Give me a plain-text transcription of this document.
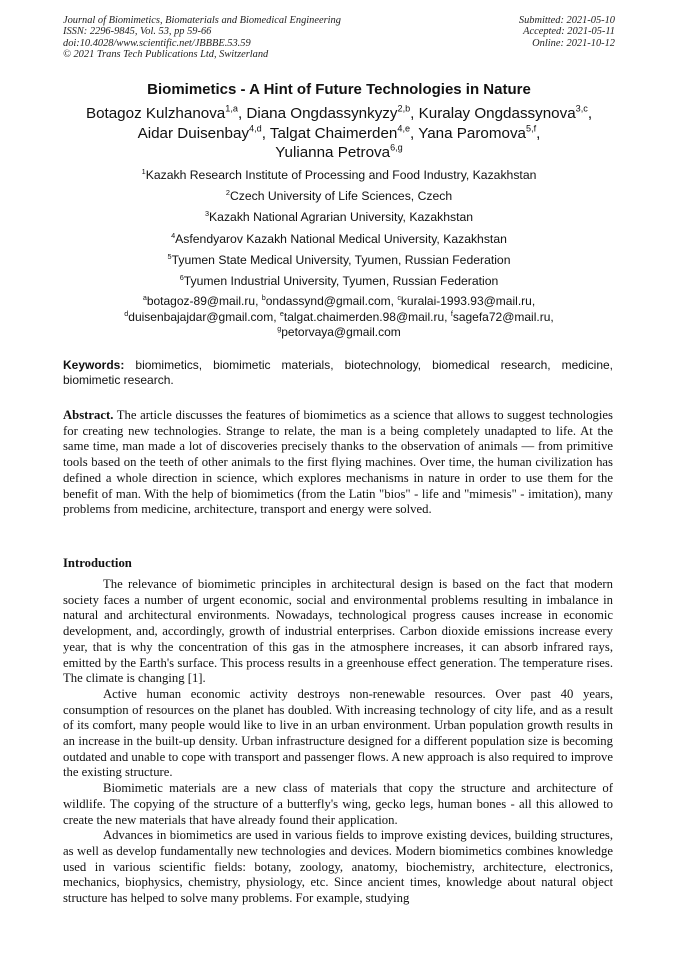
Journal of Biomimetics, Biomaterials and Biomedical Engineering
ISSN: 2296-9845, Vol. 53, pp 59-66
doi:10.4028/www.scientific.net/JBBBE.53.59
© 2021 Trans Tech Publications Ltd, Switzerland
Submitted: 2021-05-10
Accepted: 2021-05-11
Online: 2021-10-12
Biomimetics - A Hint of Future Technologies in Nature
Botagoz Kulzhanova$^{1,a}$, Diana Ongdassynkyzy$^{2,b}$, Kuralay Ongdassynova$^{3,c}$,
Aidar Duisenbay$^{4,d}$, Talgat Chaimerden$^{4,e}$, Yana Paromova$^{5,f}$,
Yulianna Petrova$^{6,g}$
$^1$Kazakh Research Institute of Processing and Food Industry, Kazakhstan
$^2$Czech University of Life Sciences, Czech
$^3$Kazakh National Agrarian University, Kazakhstan
$^4$Asfendyarov Kazakh National Medical University, Kazakhstan
$^5$Tyumen State Medical University, Tyumen, Russian Federation
$^6$Tyumen Industrial University, Tyumen, Russian Federation
$^a$botagoz-89@mail.ru, $^b$ondassynd@gmail.com, $^c$kuralai-1993.93@mail.ru,
$^d$duisenbajajdar@gmail.com, $^e$talgat.chaimerden.98@mail.ru, $^f$sagefa72@mail.ru,
$^g$petorvaya@gmail.com
Keywords: biomimetics, biomimetic materials, biotechnology, biomedical research, medicine, biomimetic research.
Abstract. The article discusses the features of biomimetics as a science that allows to suggest technologies for creating new technologies. Strange to relate, the man is a being completely unadapted to life. At the same time, man made a lot of discoveries precisely thanks to the observation of animals — from primitive tools based on the teeth of other animals to the first flying machines. Over time, the human civilization has defined a whole direction in science, which explores mechanisms in nature in order to use them for the benefit of man. With the help of biomimetics (from the Latin "bios" - life and "mimesis" - imitation), many problems from medicine, architecture, transport and energy were solved.
Introduction

The relevance of biomimetic principles in architectural design is based on the fact that modern society faces a number of urgent economic, social and environmental problems resulting in imbalance in natural and architectural environments. Nowadays, technological progress causes increase in economic development, and, accordingly, growth of industrial enterprises. Carbon dioxide emissions increase every year, that is why the concentration of this gas in the atmosphere increases, it can absorb infrared rays, emitted by the Earth's surface. This process results in a greenhouse effect generation. The temperature rises. The climate is changing [1].

Active human economic activity destroys non-renewable resources. Over past 40 years, consumption of resources on the planet has doubled. With increasing technology of city life, and as a result of its comfort, many people would like to live in an urban environment. Urban population growth results in an increase in the built-up density. Urban infrastructure designed for a different population size is becoming outdated and unable to cope with transport and passenger flows. A new approach is also required to improve the existing structure.

Biomimetic materials are a new class of materials that copy the structure and architecture of wildlife. The copying of the structure of a butterfly's wing, gecko legs, human bones - all this allowed to create the new materials that have already found their application.

Advances in biomimetics are used in various fields to improve existing devices, building structures, as well as develop fundamentally new technologies and devices. Modern biomimetics combines knowledge used in various scientific fields: botany, zoology, anatomy, biochemistry, architecture, electronics, mechanics, biophysics, chemistry, physiology, etc. Since ancient times, knowledge about natural object structure has helped to solve many problems. For example, studying
